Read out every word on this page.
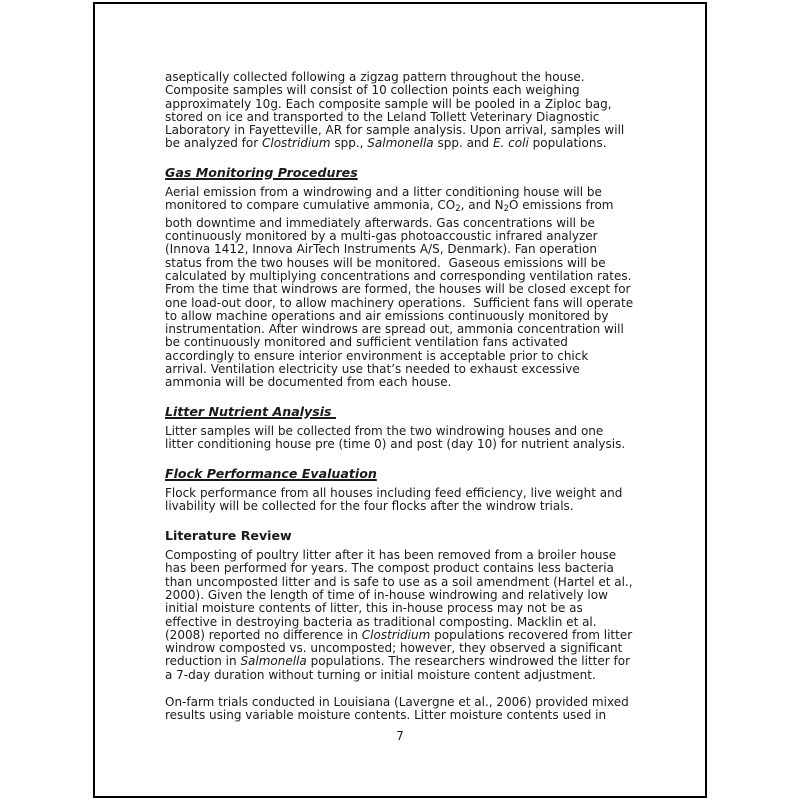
aseptically collected following a zigzag pattern throughout the house.
Composite samples will consist of 10 collection points each weighing
approximately 10g. Each composite sample will be pooled in a Ziploc bag,
stored on ice and transported to the Leland Tollett Veterinary Diagnostic
Laboratory in Fayetteville, AR for sample analysis. Upon arrival, samples will
be analyzed for Clostridium spp., Salmonella spp. and E. coli populations.
Gas Monitoring Procedures
Aerial emission from a windrowing and a litter conditioning house will be
monitored to compare cumulative ammonia, $CO_2$, and $N_2O$ emissions from
both downtime and immediately afterwards. Gas concentrations will be
continuously monitored by a multi-gas photoaccoustic infrared analyzer
(Innova 1412, Innova AirTech Instruments A/S, Denmark). Fan operation
status from the two houses will be monitored.  Gaseous emissions will be
calculated by multiplying concentrations and corresponding ventilation rates.
From the time that windrows are formed, the houses will be closed except for
one load-out door, to allow machinery operations.  Sufficient fans will operate
to allow machine operations and air emissions continuously monitored by
instrumentation. After windrows are spread out, ammonia concentration will
be continuously monitored and sufficient ventilation fans activated
accordingly to ensure interior environment is acceptable prior to chick
arrival. Ventilation electricity use that’s needed to exhaust excessive
ammonia will be documented from each house.
Litter Nutrient Analysis
Litter samples will be collected from the two windrowing houses and one
litter conditioning house pre (time 0) and post (day 10) for nutrient analysis.
Flock Performance Evaluation
Flock performance from all houses including feed efficiency, live weight and
livability will be collected for the four flocks after the windrow trials.
Literature Review
Composting of poultry litter after it has been removed from a broiler house
has been performed for years. The compost product contains less bacteria
than uncomposted litter and is safe to use as a soil amendment (Hartel et al.,
2000). Given the length of time of in-house windrowing and relatively low
initial moisture contents of litter, this in-house process may not be as
effective in destroying bacteria as traditional composting. Macklin et al.
(2008) reported no difference in Clostridium populations recovered from litter
windrow composted vs. uncomposted; however, they observed a significant
reduction in Salmonella populations. The researchers windrowed the litter for
a 7-day duration without turning or initial moisture content adjustment.
On-farm trials conducted in Louisiana (Lavergne et al., 2006) provided mixed
results using variable moisture contents. Litter moisture contents used in
7
